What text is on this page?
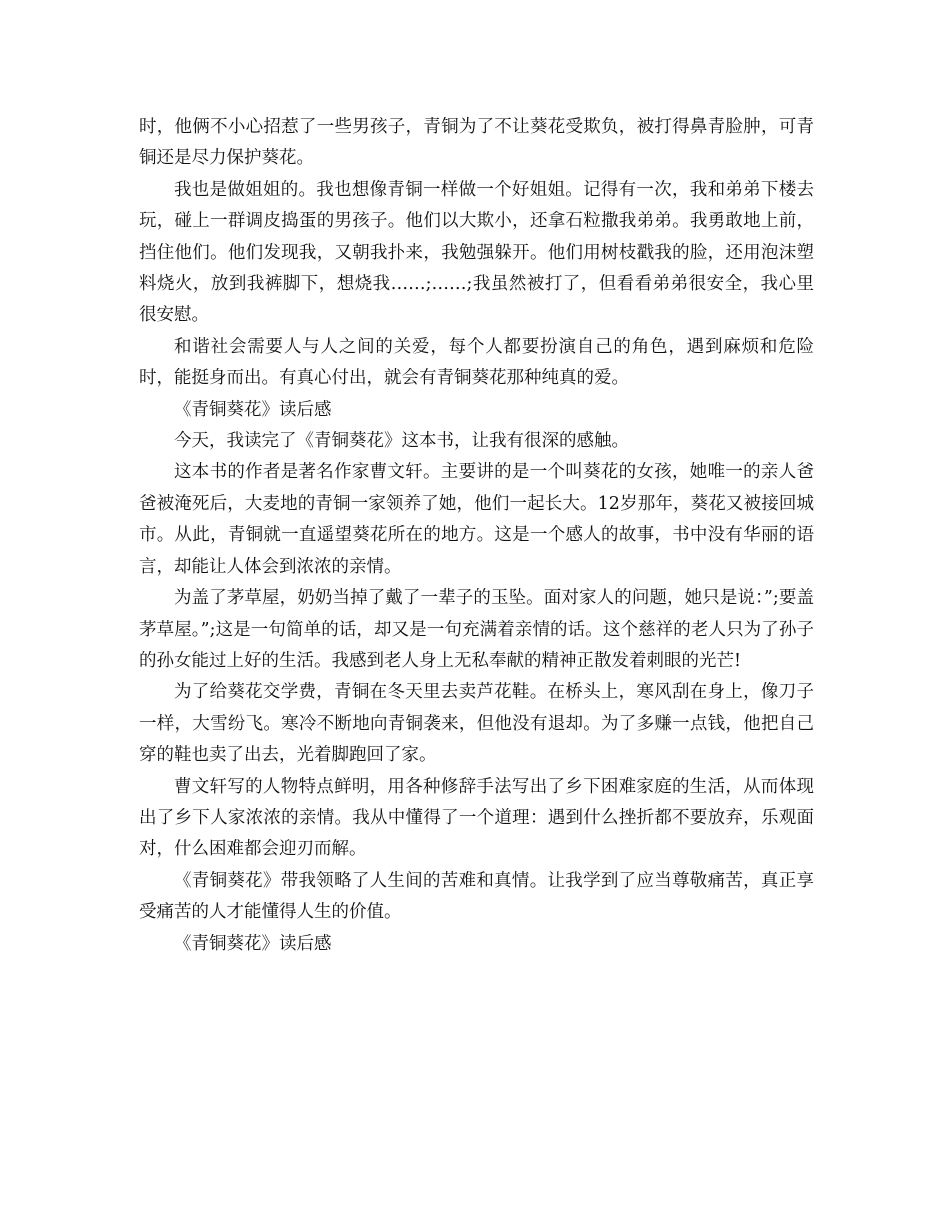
时，他俩不小心招惹了一些男孩子，青铜为了不让葵花受欺负，被打得鼻青脸肿，可青铜还是尽力保护葵花。

我也是做姐姐的。我也想像青铜一样做一个好姐姐。记得有一次，我和弟弟下楼去玩，碰上一群调皮捣蛋的男孩子。他们以大欺小，还拿石粒撒我弟弟。我勇敢地上前，挡住他们。他们发现我，又朝我扑来，我勉强躲开。他们用树枝戳我的脸，还用泡沫塑料烧火，放到我裤脚下，想烧我……;……;我虽然被打了，但看看弟弟很安全，我心里很安慰。

和谐社会需要人与人之间的关爱，每个人都要扮演自己的角色，遇到麻烦和危险时，能挺身而出。有真心付出，就会有青铜葵花那种纯真的爱。

《青铜葵花》读后感

今天，我读完了《青铜葵花》这本书，让我有很深的感触。

这本书的作者是著名作家曹文轩。主要讲的是一个叫葵花的女孩，她唯一的亲人爸爸被淹死后，大麦地的青铜一家领养了她，他们一起长大。12岁那年，葵花又被接回城市。从此，青铜就一直遥望葵花所在的地方。这是一个感人的故事，书中没有华丽的语言，却能让人体会到浓浓的亲情。

为盖了茅草屋，奶奶当掉了戴了一辈子的玉坠。面对家人的问题，她只是说：”;要盖茅草屋。”;这是一句简单的话，却又是一句充满着亲情的话。这个慈祥的老人只为了孙子的孙女能过上好的生活。我感到老人身上无私奉献的精神正散发着刺眼的光芒!

为了给葵花交学费，青铜在冬天里去卖芦花鞋。在桥头上，寒风刮在身上，像刀子一样，大雪纷飞。寒冷不断地向青铜袭来，但他没有退却。为了多赚一点钱，他把自己穿的鞋也卖了出去，光着脚跑回了家。

曹文轩写的人物特点鲜明，用各种修辞手法写出了乡下困难家庭的生活，从而体现出了乡下人家浓浓的亲情。我从中懂得了一个道理：遇到什么挫折都不要放弃，乐观面对，什么困难都会迎刃而解。

《青铜葵花》带我领略了人生间的苦难和真情。让我学到了应当尊敬痛苦，真正享受痛苦的人才能懂得人生的价值。

《青铜葵花》读后感
